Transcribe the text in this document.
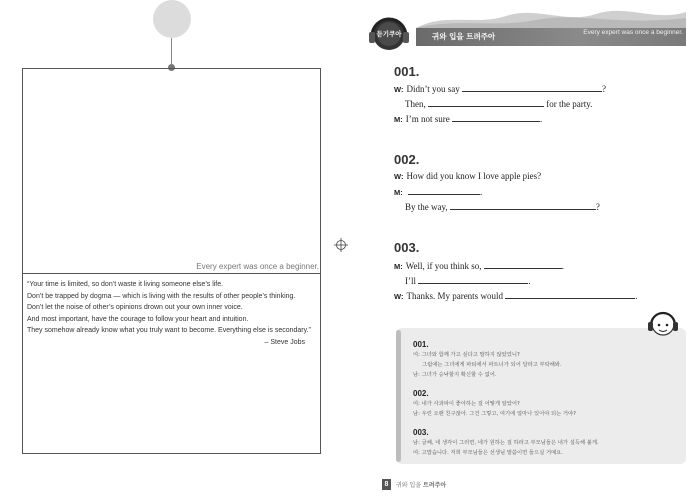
Every expert was once a beginner.
“Your time is limited, so don’t waste it living someone else’s life.
Don’t be trapped by dogma — which is living with the results of other people’s thinking.
Don’t let the noise of other’s opinions drown out your own inner voice.
And most important, have the courage to follow your heart and intuition.
They somehow already know what you truly want to become. Everything else is secondary.”
– Steve Jobs
귀와 입을 트려주아	Every expert was once a beginner.
듣기쿠아
001.
W: Didn’t you say	?
Then,	for the party.
M: I’m not sure	.
002.
W: How did you know I love apple pies?
M:	.
By the way,	?
003.
M: Well, if you think so,	.
I’ll	.
W: Thanks. My parents would	.
001.
여: 그녀와 함께 가고 싶다고 말하지 않았었니?
그럼에는 그녀에게 파티에서 파트너가 되어 달라고 부탁해봐.
남: 그녀가 승낙할지 확신할 수 없어.
002.
여: 내가 사과파이 좋아하는 걸 어떻게 알았어?
남: 우린 오랜 친구잖아. 그건 그렇고, 여기에 얼마나 있어야 되는 거야?
003.
남: 글쎄, 네 생각이 그러면, 네가 원하는 걸 하라고 부모님들은 내가 설득해 볼게.
여: 고맙습니다. 저희 부모님들은 선생님 말씀이면 들으실 거예요.
8	귀와 입을 트려주아
